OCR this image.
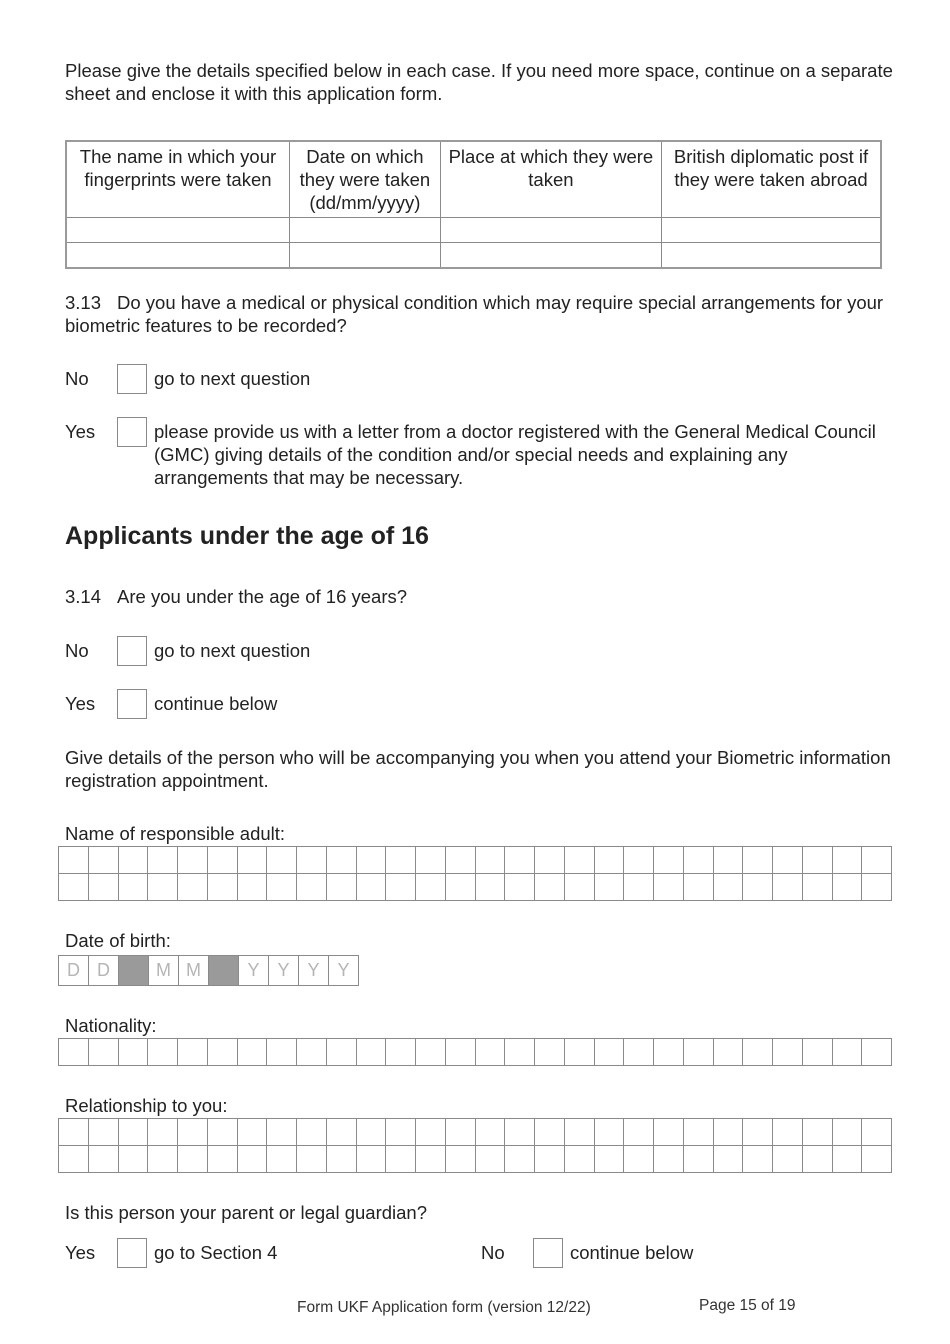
Please give the details specified below in each case. If you need more space, continue on a separate sheet and enclose it with this application form.
The name in which your fingerprints were taken	Date on which they were taken (dd/mm/yyyy)	Place at which they were taken	British diplomatic post if they were taken abroad

3.13 Do you have a medical or physical condition which may require special arrangements for your biometric features to be recorded?
No	go to next question
Yes	please provide us with a letter from a doctor registered with the General Medical Council (GMC) giving details of the condition and/or special needs and explaining any arrangements that may be necessary.
Applicants under the age of 16
3.14 Are you under the age of 16 years?
No	go to next question
Yes	continue below
Give details of the person who will be accompanying you when you attend your Biometric information registration appointment.
Name of responsible adult:
Date of birth:
D D	M M	Y Y Y Y
Nationality:
Relationship to you:
Is this person your parent or legal guardian?
Yes	go to Section 4	No	continue below
Form UKF Application form (version 12/22)	Page 15 of 19
